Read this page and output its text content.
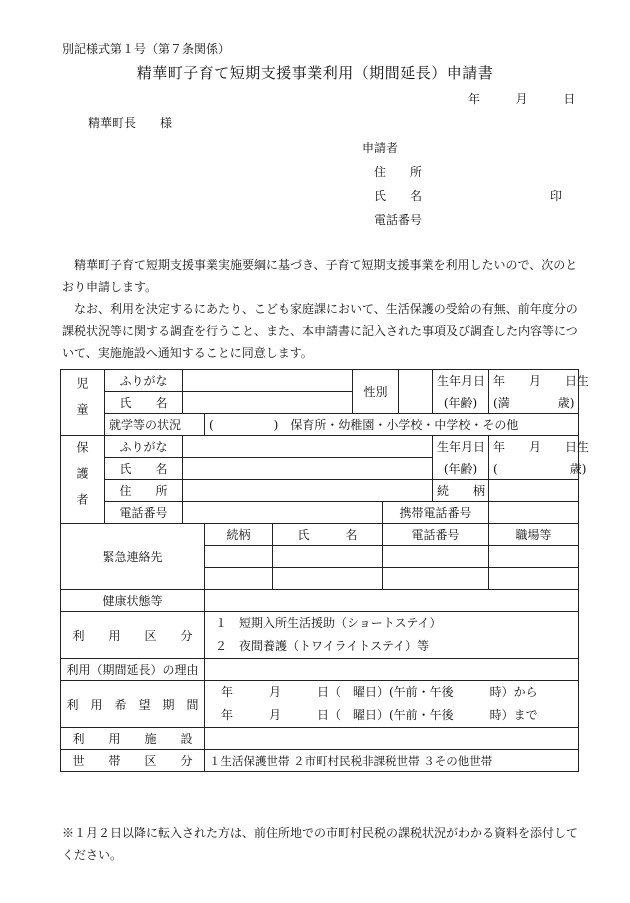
別記様式第１号（第７条関係）
精華町子育て短期支援事業利用（期間延長）申請書
年	月	日
精華町長　　様
申請者
住　　所
氏　　名	印
電話番号
精華町子育て短期支援事業実施要綱に基づき、子育て短期支援事業を利用したいので、次のとおり申請します。
なお、利用を決定するにあたり、こども家庭課において、生活保護の受給の有無、前年度分の課税状況等に関する調査を行うこと、また、本申請書に記入された事項及び調査した内容等について、実施施設へ通知することに同意します。
児童	ふりがな				性別			生年月日	年　　月　　日生
	氏　　名							(年齢)	(満　　　　歳)
	就学等の状況		(　　　　　)　保育所・幼稚園・小学校・中学校・その他						

保護者	ふりがな							生年月日	年　　月　　日生
	氏　　名							(年齢)	(　　　　　　歳)
	住　　所							続　　柄	
	電話番号					携帯電話番号			
緊急連絡先			続柄	氏　　　名		電話番号			職場等

健康状態等									
利　　用　　区　　分			１　短期入所生活援助（ショートステイ）
２　夜間養護（トワイライトステイ）等						

利用（期間延長）の理由									
利　用　希　望　期　間			年　　　月　　　日（　曜日）(午前・午後　　　時）から
年　　　月　　　日（　曜日）(午前・午後　　　時）まで						

利　　用　　施　　設									
世　　帯　　区　　分			１生活保護世帯 ２市町村民税非課税世帯 ３その他世帯						
※１月２日以降に転入された方は、前住所地での市町村民税の課税状況がわかる資料を添付してください。
